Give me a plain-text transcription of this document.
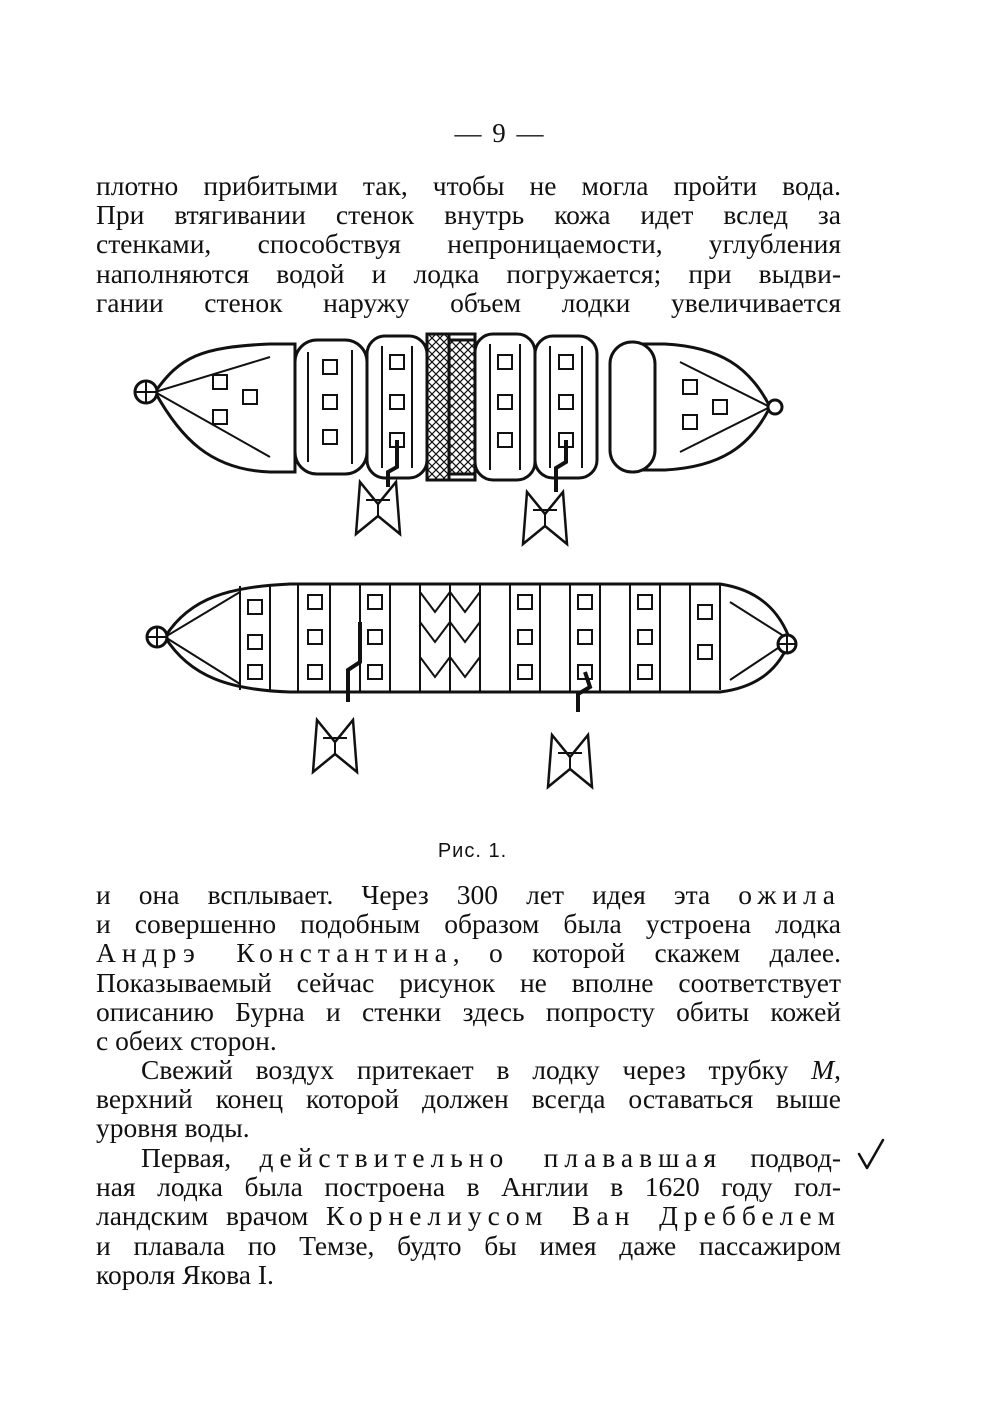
— 9 —
плотно прибитыми так, чтобы не могла пройти вода.
При втягивании стенок внутрь кожа идет вслед за
стенками, способствуя непроницаемости, углубления
наполняются водой и лодка погружается; при выдви-
гании стенок наружу объем лодки увеличивается
Рис. 1.
и она всплывает. Через 300 лет идея эта ожила
и совершенно подобным образом была устроена лодка
Андрэ Константина, о которой скажем далее.
Показываемый сейчас рисунок не вполне соответствует
описанию Бурна и стенки здесь попросту обиты кожей
с обеих сторон.
Свежий воздух притекает в лодку через трубку М,
верхний конец которой должен всегда оставаться выше
уровня воды.
Первая, действительно плававшая подвод-
ная лодка была построена в Англии в 1620 году гол-
ландским врачом Корнелиусом Ван Дреббелем
и плавала по Темзе, будто бы имея даже пассажиром
короля Якова I.
